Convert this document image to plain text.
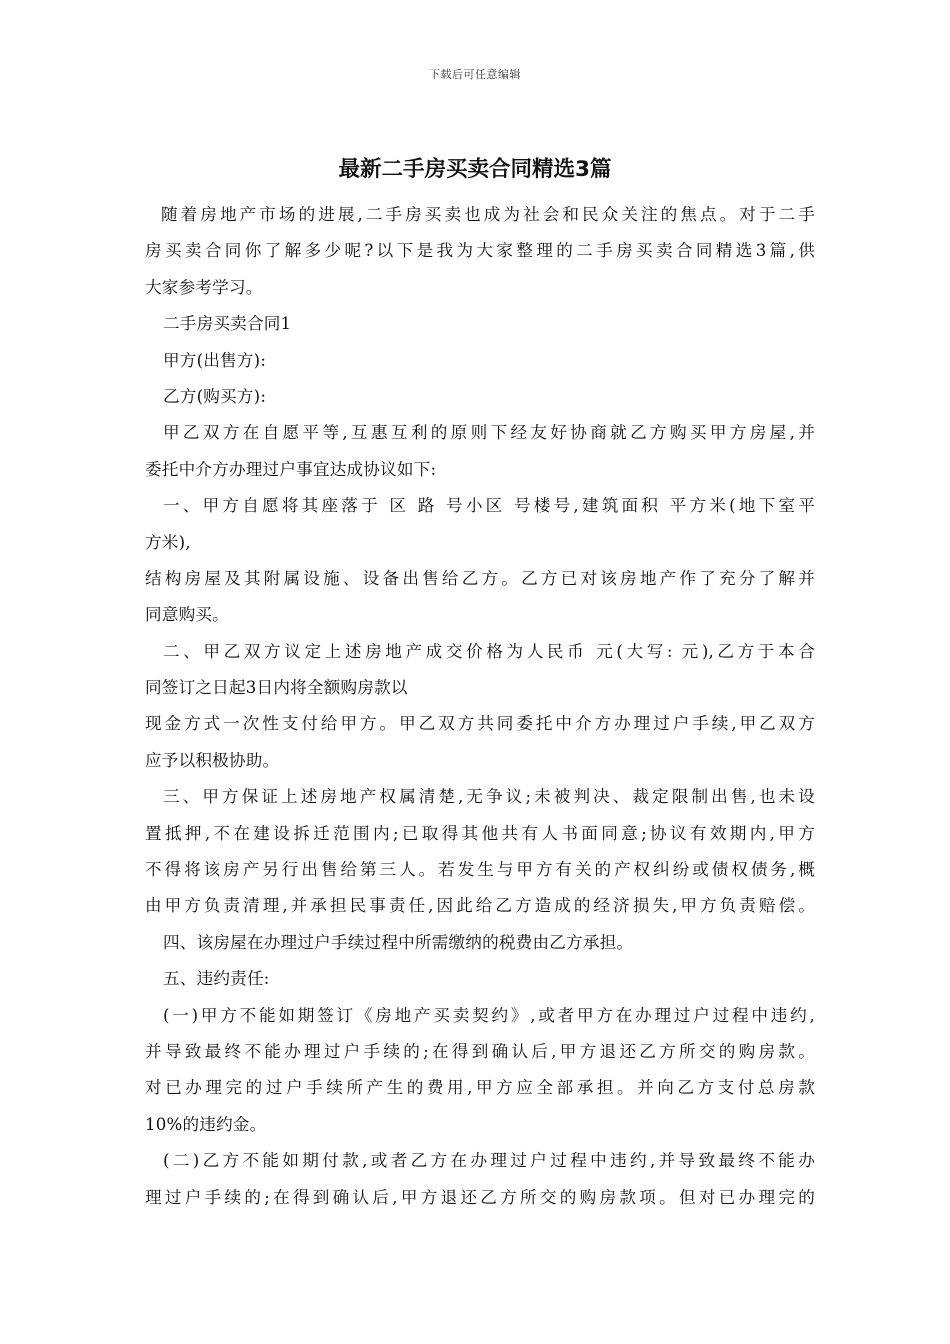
下载后可任意编辑
最新二手房买卖合同精选3篇
随着房地产市场的进展,二手房买卖也成为社会和民众关注的焦点。对于二手
房买卖合同你了解多少呢?以下是我为大家整理的二手房买卖合同精选3篇,供
大家参考学习。
二手房买卖合同1
甲方(出售方):
乙方(购买方):
甲乙双方在自愿平等,互惠互利的原则下经友好协商就乙方购买甲方房屋,并
委托中介方办理过户事宜达成协议如下:
一、甲方自愿将其座落于 区 路 号小区 号楼号,建筑面积 平方米(地下室平
方米),
结构房屋及其附属设施、设备出售给乙方。乙方已对该房地产作了充分了解并
同意购买。
二、甲乙双方议定上述房地产成交价格为人民币 元(大写: 元),乙方于本合
同签订之日起3日内将全额购房款以
现金方式一次性支付给甲方。甲乙双方共同委托中介方办理过户手续,甲乙双方
应予以积极协助。
三、甲方保证上述房地产权属清楚,无争议;未被判决、裁定限制出售,也未设
置抵押,不在建设拆迁范围内;已取得其他共有人书面同意;协议有效期内,甲方
不得将该房产另行出售给第三人。若发生与甲方有关的产权纠纷或债权债务,概
由甲方负责清理,并承担民事责任,因此给乙方造成的经济损失,甲方负责赔偿。
四、该房屋在办理过户手续过程中所需缴纳的税费由乙方承担。
五、违约责任:
(一)甲方不能如期签订《房地产买卖契约》,或者甲方在办理过户过程中违约,
并导致最终不能办理过户手续的;在得到确认后,甲方退还乙方所交的购房款。
对已办理完的过户手续所产生的费用,甲方应全部承担。并向乙方支付总房款
10%的违约金。
(二)乙方不能如期付款,或者乙方在办理过户过程中违约,并导致最终不能办
理过户手续的;在得到确认后,甲方退还乙方所交的购房款项。但对已办理完的
